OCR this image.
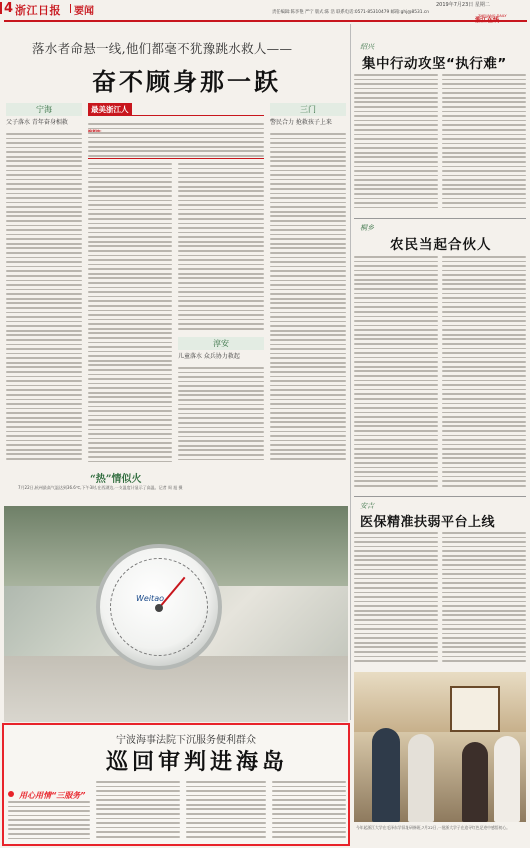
4 浙江日报 要闻
2019年7月23日 星期二
责任编辑:陈李艳 严宁 版式:陈 浩 联系电话:0571-85310479 邮箱:ghj@8531.cn
ZHEJIANG DAILY
落水者命悬一线,他们都毫不犹豫跳水救人——
奋不顾身那一跃
宁海
父子落水 青年奋身相救
最美浙江人
淳安
儿童落水 众兵协力救起
三门
警民合力 抢救孩子上来
“热”情似火
7月22日,杭州最高气温达到36.6℃,下午3时,在西湖边,一支温度计显示了高温。记者 周 旭 摄
Weitao
宁波海事法院下沉服务便利群众
巡回审判进海岛
用心用情“三服务”
绍兴
集中行动攻坚“执行难”
桐乡
农民当起合伙人
安吉
医保精准扶弱平台上线
今年起浙江大学在毛泽东学旧址研修班,7月22日,一批浙大学子在追寻红色足迹中感悟初心。
